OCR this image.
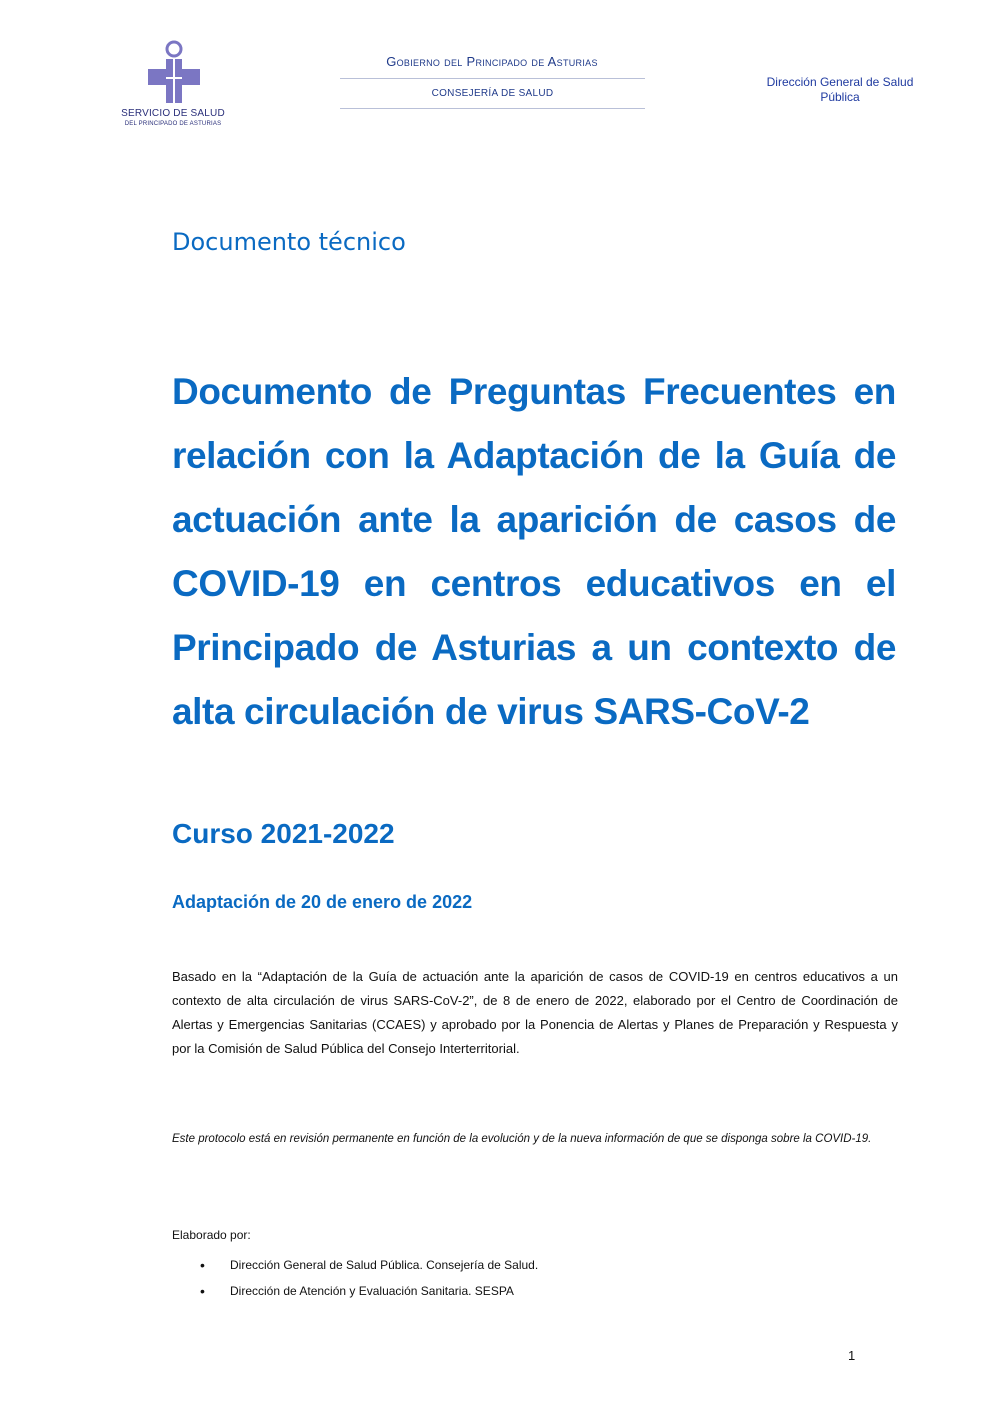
SERVICIO DE SALUD
DEL PRINCIPADO DE ASTURIAS
Gobierno del Principado de Asturias
CONSEJERÍA DE SALUD
Dirección General de Salud Pública
Documento técnico
Documento de Preguntas Frecuentes en relación con la Adaptación de la Guía de actuación ante la aparición de casos de COVID-19 en centros educativos en el Principado de Asturias a un contexto de alta circulación de virus SARS-CoV-2
Curso 2021-2022
Adaptación de 20 de enero de 2022
Basado en la “Adaptación de la Guía de actuación ante la aparición de casos de COVID-19 en centros educativos a un contexto de alta circulación de virus SARS-CoV-2”, de 8 de enero de 2022, elaborado por el Centro de Coordinación de Alertas y Emergencias Sanitarias (CCAES) y aprobado por la Ponencia de Alertas y Planes de Preparación y Respuesta y por la Comisión de Salud Pública del Consejo Interterritorial.
Este protocolo está en revisión permanente en función de la evolución y de la nueva información de que se disponga sobre la COVID-19.
Elaborado por:
• Dirección General de Salud Pública. Consejería de Salud.
• Dirección de Atención y Evaluación Sanitaria. SESPA
1
